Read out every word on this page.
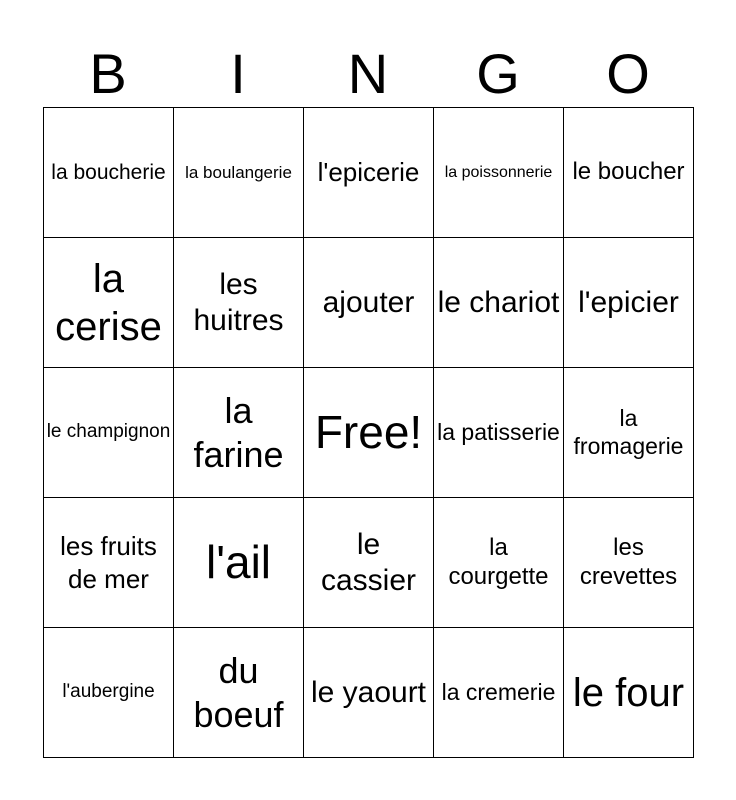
B	I	N	G	O
la boucherie	la boulangerie	l'epicerie	la poissonnerie	le boucher

la cerise	les huitres	ajouter	le chariot	l'epicier

le champignon	la farine	Free!	la patisserie	la fromagerie

les fruits de mer	l'ail	le cassier	la courgette	les crevettes

l'aubergine	du boeuf	le yaourt	la cremerie	le four
